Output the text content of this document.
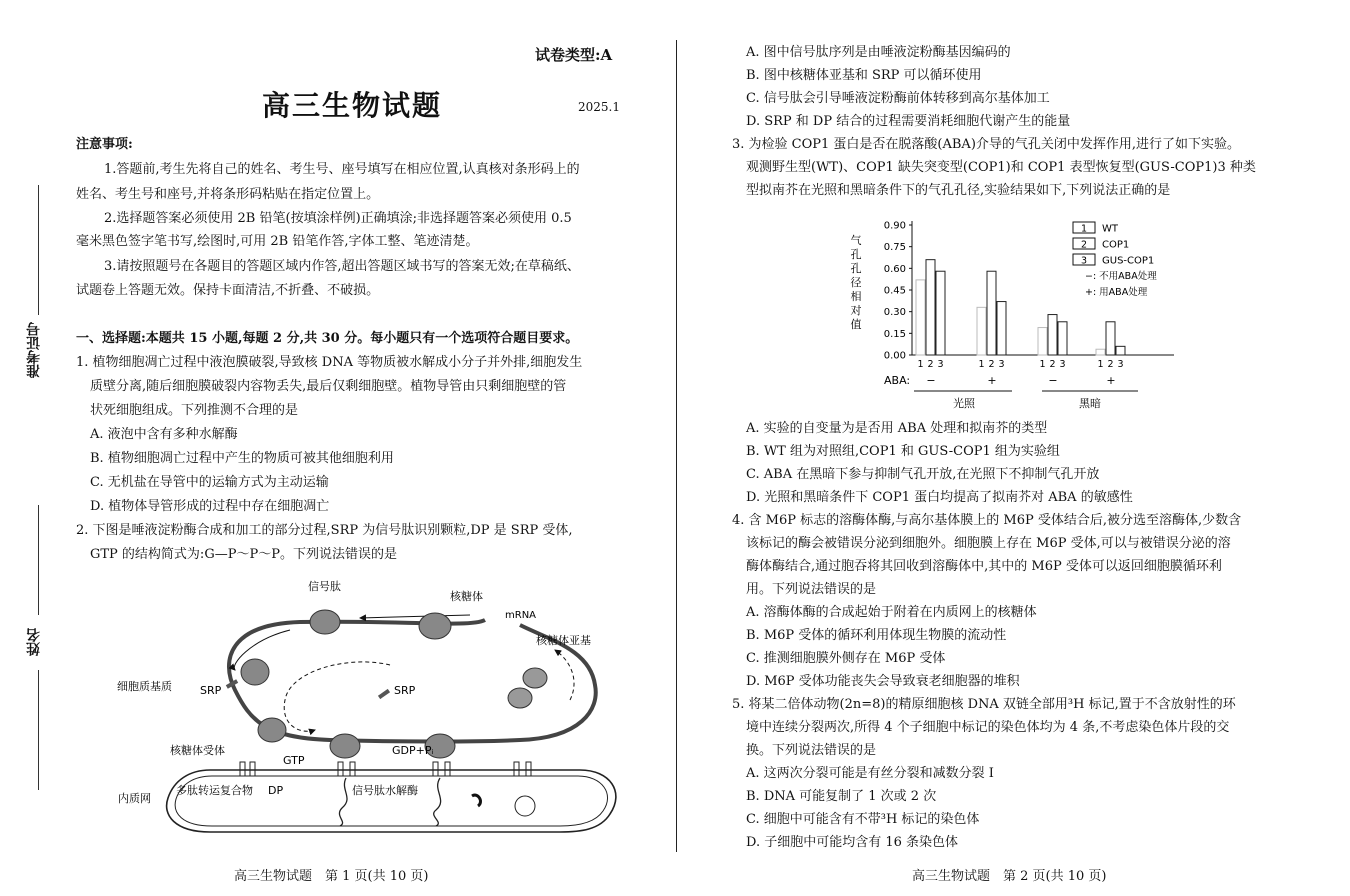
准考证号
姓名
试卷类型:A
高三生物试题	2025.1
注意事项:
1.答题前,考生先将自己的姓名、考生号、座号填写在相应位置,认真核对条形码上的
姓名、考生号和座号,并将条形码粘贴在指定位置上。
2.选择题答案必须使用 2B 铅笔(按填涂样例)正确填涂;非选择题答案必须使用 0.5
毫米黑色签字笔书写,绘图时,可用 2B 铅笔作答,字体工整、笔迹清楚。
3.请按照题号在各题目的答题区域内作答,超出答题区域书写的答案无效;在草稿纸、
试题卷上答题无效。保持卡面清洁,不折叠、不破损。
一、选择题:本题共 15 小题,每题 2 分,共 30 分。每小题只有一个选项符合题目要求。
1. 植物细胞凋亡过程中液泡膜破裂,导致核 DNA 等物质被水解成小分子并外排,细胞发生
质壁分离,随后细胞膜破裂内容物丢失,最后仅剩细胞壁。植物导管由只剩细胞壁的管
状死细胞组成。下列推测不合理的是
A. 液泡中含有多种水解酶
B. 植物细胞凋亡过程中产生的物质可被其他细胞利用
C. 无机盐在导管中的运输方式为主动运输
D. 植物体导管形成的过程中存在细胞凋亡
2. 下图是唾液淀粉酶合成和加工的部分过程,SRP 为信号肽识别颗粒,DP 是 SRP 受体,
GTP 的结构简式为:G—P～P～P。下列说法错误的是
信号肽
核糖体
mRNA
核糖体亚基
细胞质基质	SRP	SRP
GDP+Pᵢ
核糖体受体
GTP
内质网
多肽转运复合物 DP	信号肽水解酶
高三生物试题　第 1 页(共 10 页)
A. 图中信号肽序列是由唾液淀粉酶基因编码的
B. 图中核糖体亚基和 SRP 可以循环使用
C. 信号肽会引导唾液淀粉酶前体转移到高尔基体加工
D. SRP 和 DP 结合的过程需要消耗细胞代谢产生的能量
3. 为检验 COP1 蛋白是否在脱落酸(ABA)介导的气孔关闭中发挥作用,进行了如下实验。
观测野生型(WT)、COP1 缺失突变型(COP1)和 COP1 表型恢复型(GUS-COP1)3 种类
型拟南芥在光照和黑暗条件下的气孔孔径,实验结果如下,下列说法正确的是
0.00
0.15
0.30
0.45
0.60
0.75
0.90
气
孔
孔
径
相
对
值
1 2 3
−
1 2 3
+
1 2 3
−
1 2 3
+
ABA:
光照	黑暗
1 WT
2 COP1
3 GUS-COP1
−: 不用ABA处理
+: 用ABA处理
A. 实验的自变量为是否用 ABA 处理和拟南芥的类型
B. WT 组为对照组,COP1 和 GUS-COP1 组为实验组
C. ABA 在黑暗下参与抑制气孔开放,在光照下不抑制气孔开放
D. 光照和黑暗条件下 COP1 蛋白均提高了拟南芥对 ABA 的敏感性
4. 含 M6P 标志的溶酶体酶,与高尔基体膜上的 M6P 受体结合后,被分选至溶酶体,少数含
该标记的酶会被错误分泌到细胞外。细胞膜上存在 M6P 受体,可以与被错误分泌的溶
酶体酶结合,通过胞吞将其回收到溶酶体中,其中的 M6P 受体可以返回细胞膜循环利
用。下列说法错误的是
A. 溶酶体酶的合成起始于附着在内质网上的核糖体
B. M6P 受体的循环利用体现生物膜的流动性
C. 推测细胞膜外侧存在 M6P 受体
D. M6P 受体功能丧失会导致衰老细胞器的堆积
5. 将某二倍体动物(2n=8)的精原细胞核 DNA 双链全部用³H 标记,置于不含放射性的环
境中连续分裂两次,所得 4 个子细胞中标记的染色体均为 4 条,不考虑染色体片段的交
换。下列说法错误的是
A. 这两次分裂可能是有丝分裂和减数分裂 I
B. DNA 可能复制了 1 次或 2 次
C. 细胞中可能含有不带³H 标记的染色体
D. 子细胞中可能均含有 16 条染色体
高三生物试题　第 2 页(共 10 页)
